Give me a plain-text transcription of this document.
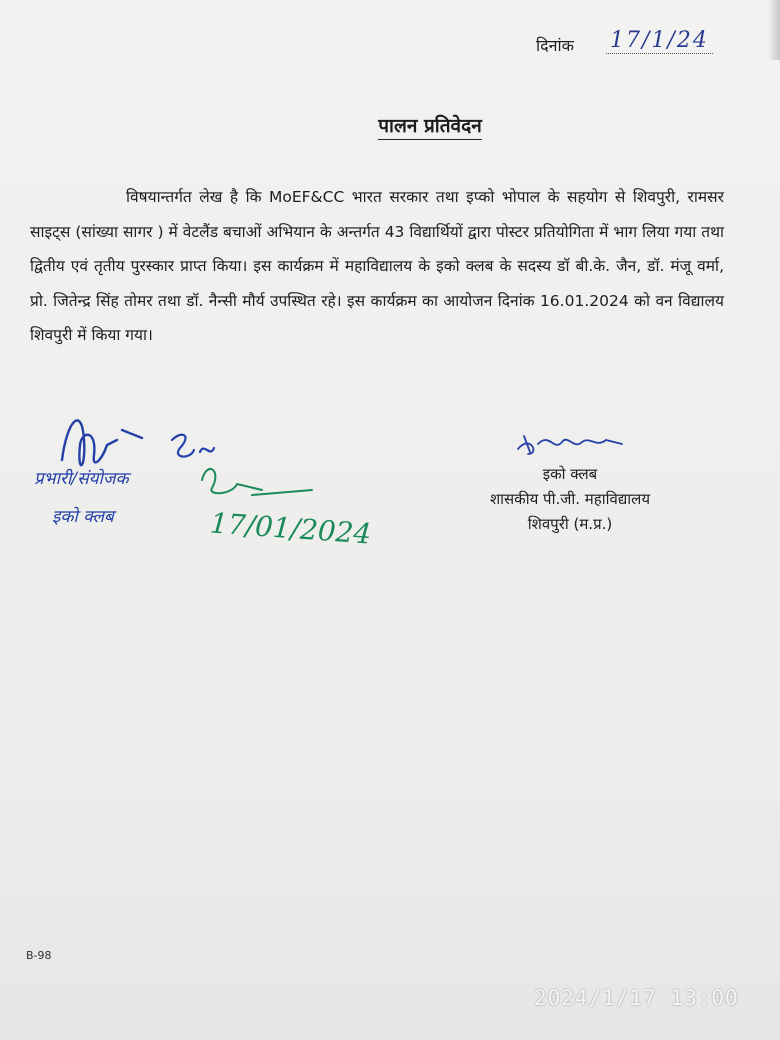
दिनांक 17/1/24
पालन प्रतिवेदन
विषयान्तर्गत लेख है कि MoEF&CC भारत सरकार तथा इप्को भोपाल के सहयोग से शिवपुरी, रामसर साइट्स (सांख्या सागर ) में वेटलैंड बचाओं अभियान के अन्तर्गत 43 विद्यार्थियों द्वारा पोस्टर प्रतियोगिता में भाग लिया गया तथा द्वितीय एवं तृतीय पुरस्कार प्राप्त किया। इस कार्यक्रम में महाविद्यालय के इको क्लब के सदस्य डॉ बी.के. जैन, डॉ. मंजू वर्मा, प्रो. जितेन्द्र सिंह तोमर तथा डॉ. नैन्सी मौर्य उपस्थित रहे। इस कार्यक्रम का आयोजन दिनांक 16.01.2024 को वन विद्यालय शिवपुरी में किया गया।
प्रभारी/संयोजक
इको क्लब	17/01/2024
इको क्लब
शासकीय पी.जी. महाविद्यालय
शिवपुरी (म.प्र.)
B-98
2024/1/17 13:00
